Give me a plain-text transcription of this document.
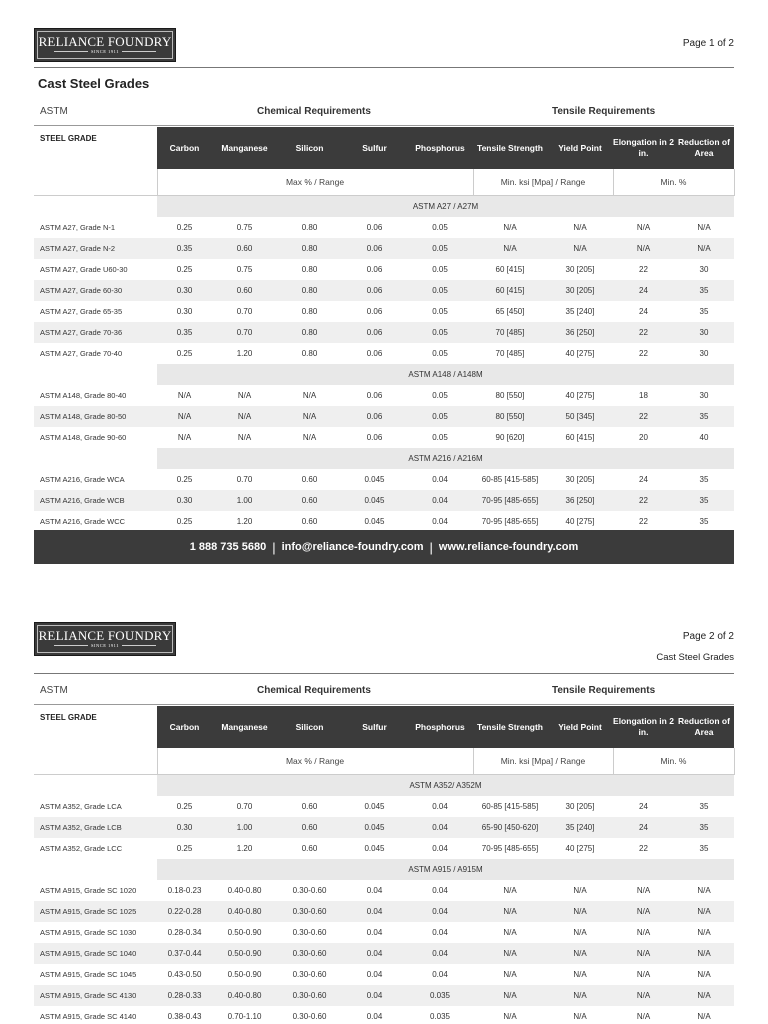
RELIANCE FOUNDRY
SINCE 1911
Page 1 of 2
Cast Steel Grades
ASTM	Chemical Requirements	Tensile Requirements
STEEL GRADE	Carbon	Manganese	Silicon	Sulfur	Phosphorus	Tensile Strength	Yield Point	Elongation in 2 in.	Reduction of Area
	Max % / Range					Min. ksi [Mpa] / Range		Min. %	
	ASTM A27 / A27M								
ASTM A27, Grade N-1	0.25	0.75	0.80	0.06	0.05	N/A	N/A	N/A	N/A
ASTM A27, Grade N-2	0.35	0.60	0.80	0.06	0.05	N/A	N/A	N/A	N/A
ASTM A27, Grade U60-30	0.25	0.75	0.80	0.06	0.05	60 [415]	30 [205]	22	30
ASTM A27, Grade 60-30	0.30	0.60	0.80	0.06	0.05	60 [415]	30 [205]	24	35
ASTM A27, Grade 65-35	0.30	0.70	0.80	0.06	0.05	65 [450]	35 [240]	24	35
ASTM A27, Grade 70-36	0.35	0.70	0.80	0.06	0.05	70 [485]	36 [250]	22	30
ASTM A27, Grade 70-40	0.25	1.20	0.80	0.06	0.05	70 [485]	40 [275]	22	30
	ASTM A148 / A148M								
ASTM A148, Grade 80-40	N/A	N/A	N/A	0.06	0.05	80 [550]	40 [275]	18	30
ASTM A148, Grade 80-50	N/A	N/A	N/A	0.06	0.05	80 [550]	50 [345]	22	35
ASTM A148, Grade 90-60	N/A	N/A	N/A	0.06	0.05	90 [620]	60 [415]	20	40
	ASTM A216 / A216M								
ASTM A216, Grade WCA	0.25	0.70	0.60	0.045	0.04	60-85 [415-585]	30 [205]	24	35
ASTM A216, Grade WCB	0.30	1.00	0.60	0.045	0.04	70-95 [485-655]	36 [250]	22	35
ASTM A216, Grade WCC	0.25	1.20	0.60	0.045	0.04	70-95 [485-655]	40 [275]	22	35
1 888 735 5680 | info@reliance-foundry.com | www.reliance-foundry.com
RELIANCE FOUNDRY
SINCE 1911
Page 2 of 2
Cast Steel Grades
ASTM	Chemical Requirements	Tensile Requirements
STEEL GRADE	Carbon	Manganese	Silicon	Sulfur	Phosphorus	Tensile Strength	Yield Point	Elongation in 2 in.	Reduction of Area
	Max % / Range					Min. ksi [Mpa] / Range		Min. %	
	ASTM A352/ A352M								
ASTM A352, Grade LCA	0.25	0.70	0.60	0.045	0.04	60-85 [415-585]	30 [205]	24	35
ASTM A352, Grade LCB	0.30	1.00	0.60	0.045	0.04	65-90 [450-620]	35 [240]	24	35
ASTM A352, Grade LCC	0.25	1.20	0.60	0.045	0.04	70-95 [485-655]	40 [275]	22	35
	ASTM A915 / A915M								
ASTM A915, Grade SC 1020	0.18-0.23	0.40-0.80	0.30-0.60	0.04	0.04	N/A	N/A	N/A	N/A
ASTM A915, Grade SC 1025	0.22-0.28	0.40-0.80	0.30-0.60	0.04	0.04	N/A	N/A	N/A	N/A
ASTM A915, Grade SC 1030	0.28-0.34	0.50-0.90	0.30-0.60	0.04	0.04	N/A	N/A	N/A	N/A
ASTM A915, Grade SC 1040	0.37-0.44	0.50-0.90	0.30-0.60	0.04	0.04	N/A	N/A	N/A	N/A
ASTM A915, Grade SC 1045	0.43-0.50	0.50-0.90	0.30-0.60	0.04	0.04	N/A	N/A	N/A	N/A
ASTM A915, Grade SC 4130	0.28-0.33	0.40-0.80	0.30-0.60	0.04	0.035	N/A	N/A	N/A	N/A
ASTM A915, Grade SC 4140	0.38-0.43	0.70-1.10	0.30-0.60	0.04	0.035	N/A	N/A	N/A	N/A
